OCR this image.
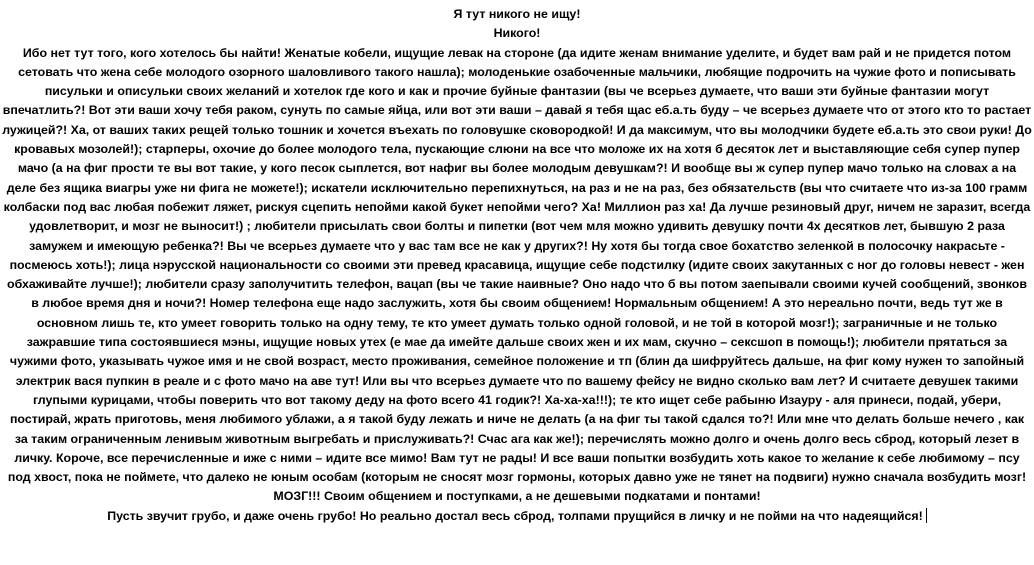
Я тут никого не ищу!

Никого!

Ибо нет тут того, кого хотелось бы найти! Женатые кобели, ищущие левак на стороне (да идите женам внимание уделите, и будет вам рай и не придется потом сетовать что жена себе молодого озорного шаловливого такого нашла); молоденькие озабоченные мальчики, любящие подрочить на чужие фото и пописывать писульки и описульки своих желаний и хотелок где кого и как и прочие буйные фантазии (вы че всерьез думаете, что ваши эти буйные фантазии могут впечатлить?! Вот эти ваши хочу тебя раком, сунуть по самые яйца, или вот эти ваши – давай я тебя щас еб.а.ть буду – че всерьез думаете что от этого кто то растает лужицей?! Ха, от ваших таких рещей только тошник и хочется въехать по головушке сковородкой! И да максимум, что вы молодчики будете еб.а.ть это свои руки! До кровавых мозолей!); старперы, охочие до более молодого тела, пускающие слюни на все что моложе их на хотя б десяток лет и выставляющие себя супер пупер мачо (а на фиг прости те вы вот такие, у кого песок сыплется, вот нафиг вы более молодым девушкам?! И вообще вы ж супер пупер мачо только на словах а на деле без ящика виагры уже ни фига не можете!); искатели исключительно перепихнуться, на раз и не на раз, без обязательств (вы что считаете что из-за 100 грамм колбаски под вас любая побежит ляжет, рискуя сцепить непойми какой букет непойми чего? Ха! Миллион раз ха! Да лучше резиновый друг, ничем не заразит, всегда удовлетворит, и мозг не выносит!) ; любители присылать свои болты и пипетки (вот чем мля можно удивить девушку почти 4х десятков лет, бывшую 2 раза замужем и имеющую ребенка?! Вы че всерьез думаете что у вас там все не как у других?! Ну хотя бы тогда свое бохатство зеленкой в полосочку накрасьте - посмеюсь хоть!); лица нэрусской национальности со своими эти превед красавица, ищущие себе подстилку (идите своих закутанных с ног до головы невест - жен обхаживайте лучше!); любители сразу заполучитить телефон, вацап (вы че такие наивные? Оно надо что б вы потом заепывали своими кучей сообщений, звонков в любое время дня и ночи?! Номер телефона еще надо заслужить, хотя бы своим общением! Нормальным общением! А это нереально почти, ведь тут же в основном лишь те, кто умеет говорить только на одну тему, те кто умеет думать только одной головой, и не той в которой мозг!); заграничные и не только зажравшие типа состоявшиеся мэны, ищущие новых утех (е мае да имейте дальше своих жен и их мам, скучно – сексшоп в помощь!); любители прятаться за чужими фото, указывать чужое имя и не свой возраст, место проживания, семейное положение и тп (блин да шифруйтесь дальше, на фиг кому нужен то запойный электрик вася пупкин в реале и с фото мачо на аве тут! Или вы что всерьез думаете что по вашему фейсу не видно сколько вам лет? И считаете девушек такими глупыми курицами, чтобы поверить что вот такому деду на фото всего 41 годик?! Ха-ха-ха!!!); те кто ищет себе рабыню Изауру - аля принеси, подай, убери, постирай, жрать приготовь, меня любимого ублажи, а я такой буду лежать и ниче не делать (а на фиг ты такой сдался то?! Или мне что делать больше нечего , как за таким ограниченным ленивым животным выгребать и прислуживать?! Счас ага как же!); перечислять можно долго и очень долго весь сброд, который лезет в личку. Короче, все перечисленные и иже с ними – идите все мимо! Вам тут не рады! И все ваши попытки возбудить хоть какое то желание к себе любимому – псу под хвост, пока не поймете, что далеко не юным особам (которым не сносят мозг гормоны, которых давно уже не тянет на подвиги) нужно сначала возбудить мозг! МОЗГ!!! Своим общением и поступками, а не дешевыми подкатами и понтами!

Пусть звучит грубо, и даже очень грубо! Но реально достал весь сброд, толпами прущийся в личку и не пойми на что надеящийся!
